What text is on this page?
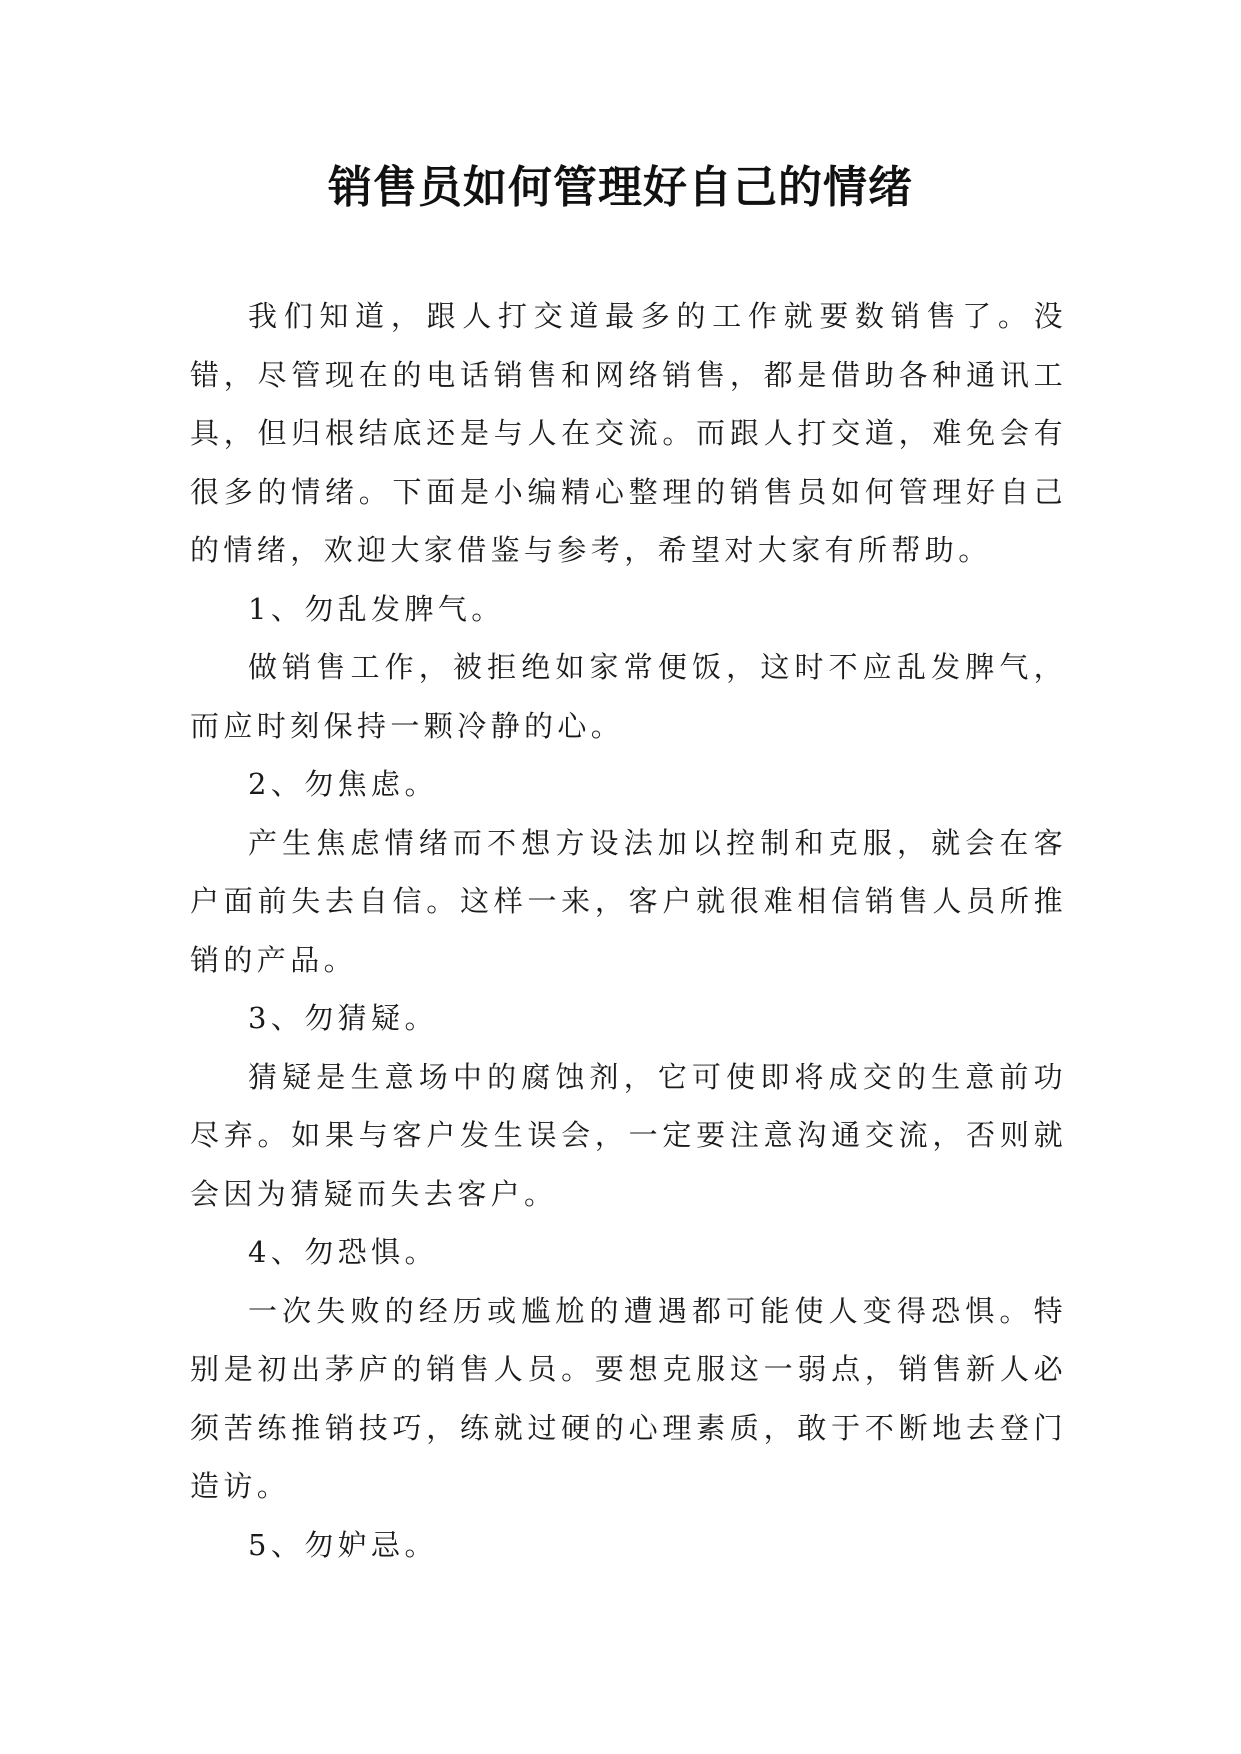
销售员如何管理好自己的情绪

我们知道，跟人打交道最多的工作就要数销售了。没错，尽管现在的电话销售和网络销售，都是借助各种通讯工具，但归根结底还是与人在交流。而跟人打交道，难免会有很多的情绪。下面是小编精心整理的销售员如何管理好自己的情绪，欢迎大家借鉴与参考，希望对大家有所帮助。

1、勿乱发脾气。

做销售工作，被拒绝如家常便饭，这时不应乱发脾气，而应时刻保持一颗冷静的心。

2、勿焦虑。

产生焦虑情绪而不想方设法加以控制和克服，就会在客户面前失去自信。这样一来，客户就很难相信销售人员所推销的产品。

3、勿猜疑。

猜疑是生意场中的腐蚀剂，它可使即将成交的生意前功尽弃。如果与客户发生误会，一定要注意沟通交流，否则就会因为猜疑而失去客户。

4、勿恐惧。

一次失败的经历或尴尬的遭遇都可能使人变得恐惧。特别是初出茅庐的销售人员。要想克服这一弱点，销售新人必须苦练推销技巧，练就过硬的心理素质，敢于不断地去登门造访。

5、勿妒忌。
